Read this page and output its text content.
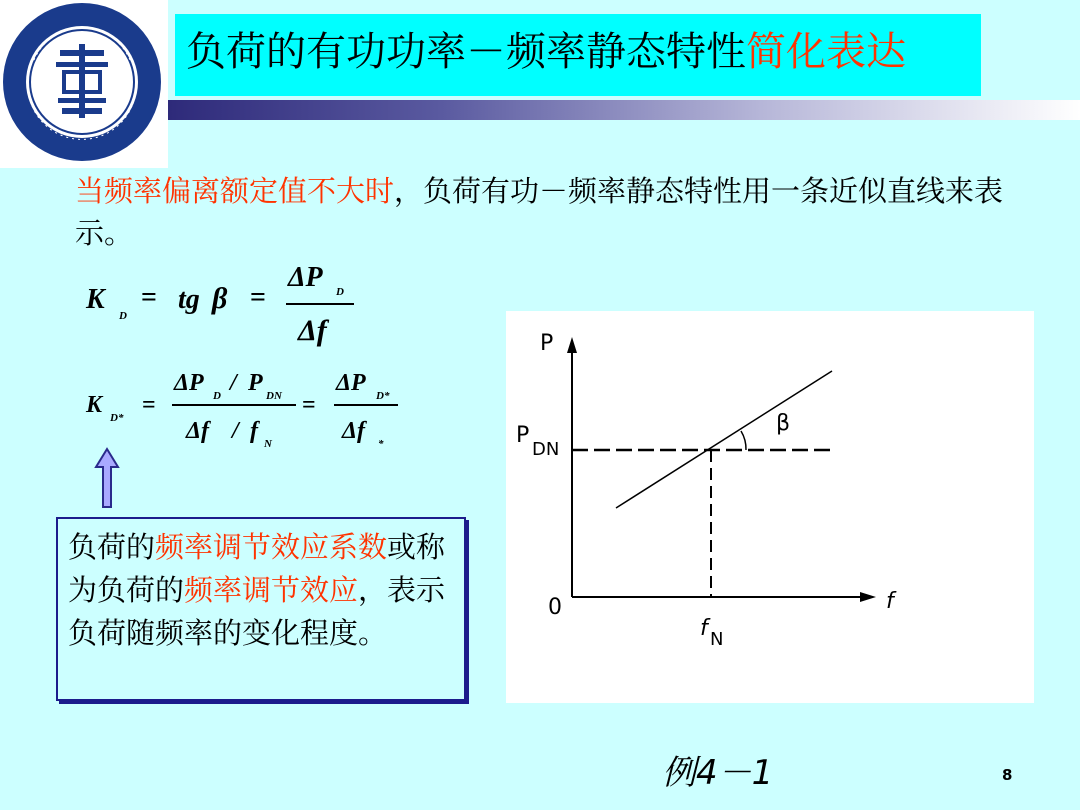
负荷的有功功率－频率静态特性简化表达
当频率偏离额定值不大时，负荷有功－频率静态特性用一条近似直线来表示。
K
D
= tg β =
ΔP D
Δf
K D* =
ΔP D / P DN
Δf / f N
=
ΔP D*
Δf *
负荷的频率调节效应系数或称为负荷的频率调节效应，表示负荷随频率的变化程度。
P
f
0
P
DN
f N
β
例4－1	8
